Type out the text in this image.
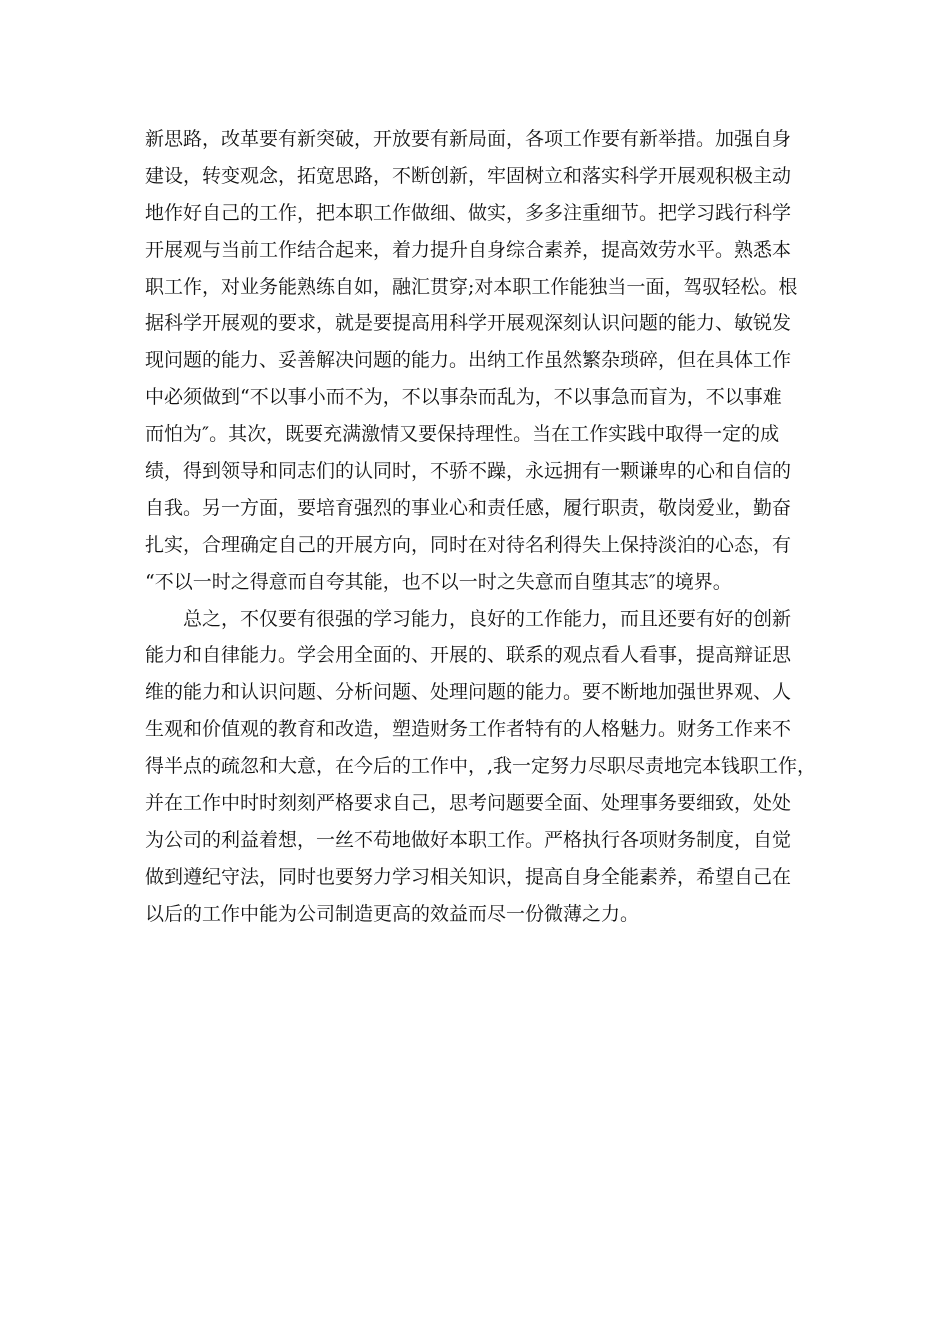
新思路，改革要有新突破，开放要有新局面，各项工作要有新举措。加强自身
建设，转变观念，拓宽思路，不断创新，牢固树立和落实科学开展观积极主动
地作好自己的工作，把本职工作做细、做实，多多注重细节。把学习践行科学
开展观与当前工作结合起来，着力提升自身综合素养，提高效劳水平。熟悉本
职工作，对业务能熟练自如，融汇贯穿;对本职工作能独当一面，驾驭轻松。根
据科学开展观的要求，就是要提高用科学开展观深刻认识问题的能力、敏锐发
现问题的能力、妥善解决问题的能力。出纳工作虽然繁杂琐碎，但在具体工作
中必须做到“不以事小而不为，不以事杂而乱为，不以事急而盲为，不以事难
而怕为″。其次，既要充满激情又要保持理性。当在工作实践中取得一定的成
绩，得到领导和同志们的认同时，不骄不躁，永远拥有一颗谦卑的心和自信的
自我。另一方面，要培育强烈的事业心和责任感，履行职责，敬岗爱业，勤奋
扎实，合理确定自己的开展方向，同时在对待名利得失上保持淡泊的心态，有
“不以一时之得意而自夸其能，也不以一时之失意而自堕其志″的境界。
总之，不仅要有很强的学习能力，良好的工作能力，而且还要有好的创新
能力和自律能力。学会用全面的、开展的、联系的观点看人看事，提高辩证思
维的能力和认识问题、分析问题、处理问题的能力。要不断地加强世界观、人
生观和价值观的教育和改造，塑造财务工作者特有的人格魅力。财务工作来不
得半点的疏忽和大意，在今后的工作中，,我一定努力尽职尽责地完本钱职工作，
并在工作中时时刻刻严格要求自己，思考问题要全面、处理事务要细致，处处
为公司的利益着想，一丝不苟地做好本职工作。严格执行各项财务制度，自觉
做到遵纪守法，同时也要努力学习相关知识，提高自身全能素养，希望自己在
以后的工作中能为公司制造更高的效益而尽一份微薄之力。
